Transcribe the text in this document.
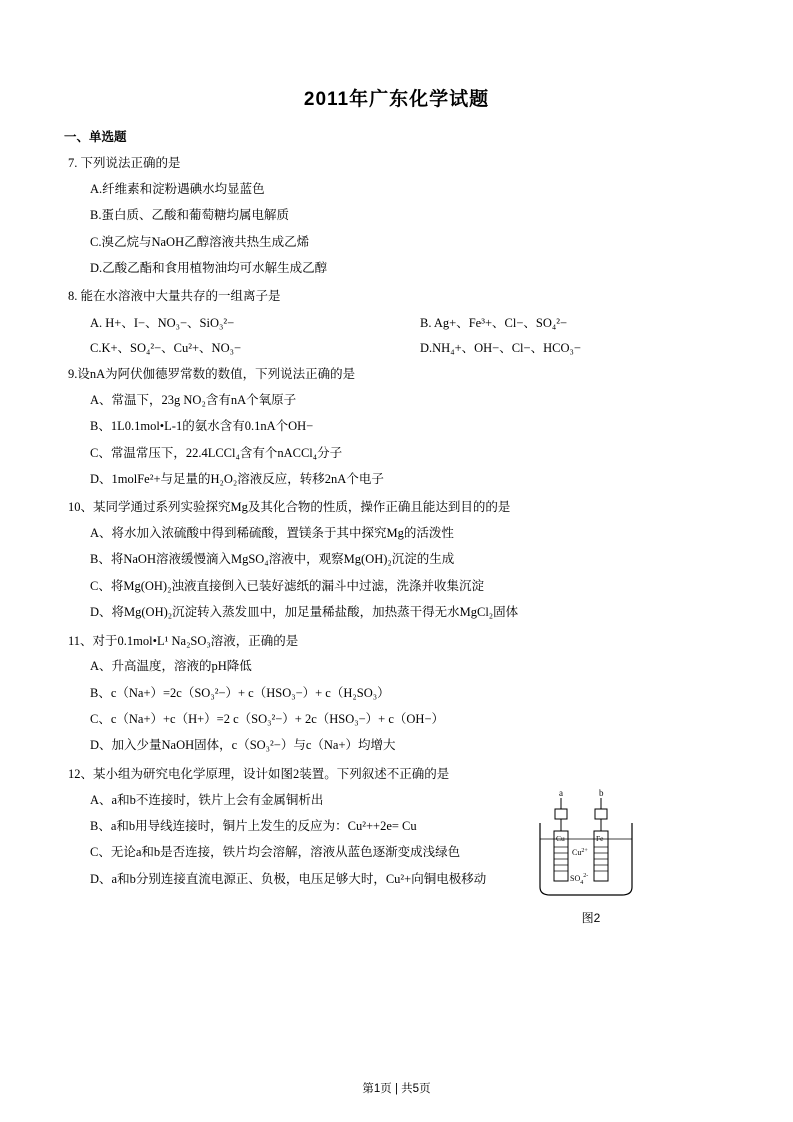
2011年广东化学试题
一、单选题
7. 下列说法正确的是
A.纤维素和淀粉遇碘水均显蓝色
B.蛋白质、乙酸和葡萄糖均属电解质
C.溴乙烷与NaOH乙醇溶液共热生成乙烯
D.乙酸乙酯和食用植物油均可水解生成乙醇
8. 能在水溶液中大量共存的一组离子是
A. H+、I−、NO₃−、SiO₃²−	B. Ag+、Fe³+、Cl−、SO₄²−
C.K+、SO₄²−、Cu²+、NO₃−	D.NH₄+、OH−、Cl−、HCO₃−
9.设nA为阿伏伽德罗常数的数值，下列说法正确的是
A、常温下，23g NO₂含有nA个氧原子
B、1L0.1mol•L-1的氨水含有0.1nA个OH−
C、常温常压下，22.4LCCl₄含有个nACCl₄分子
D、1molFe²+与足量的H₂O₂溶液反应，转移2nA个电子
10、某同学通过系列实验探究Mg及其化合物的性质，操作正确且能达到目的的是
A、将水加入浓硫酸中得到稀硫酸，置镁条于其中探究Mg的活泼性
B、将NaOH溶液缓慢滴入MgSO₄溶液中，观察Mg(OH)₂沉淀的生成
C、将Mg(OH)₂浊液直接倒入已装好滤纸的漏斗中过滤，洗涤并收集沉淀
D、将Mg(OH)₂沉淀转入蒸发皿中，加足量稀盐酸，加热蒸干得无水MgCl₂固体
11、对于0.1mol•L¹ Na₂SO₃溶液，正确的是
A、升高温度，溶液的pH降低
B、c（Na+）=2c（SO₃²−）+ c（HSO₃−）+ c（H₂SO₃）
C、c（Na+）+c（H+）=2 c（SO₃²−）+ 2c（HSO₃−）+ c（OH−）
D、加入少量NaOH固体，c（SO₃²−）与c（Na+）均增大
12、某小组为研究电化学原理，设计如图2装置。下列叙述不正确的是
A、a和b不连接时，铁片上会有金属铜析出
B、a和b用导线连接时，铜片上发生的反应为：Cu²++2e= Cu
C、无论a和b是否连接，铁片均会溶解，溶液从蓝色逐渐变成浅绿色
D、a和b分别连接直流电源正、负极，电压足够大时，Cu²+向铜电极移动
a	b
Cu	Fe
$Cu^{2+}$
$SO_4^{2-}$
图2
第1页 | 共5页
